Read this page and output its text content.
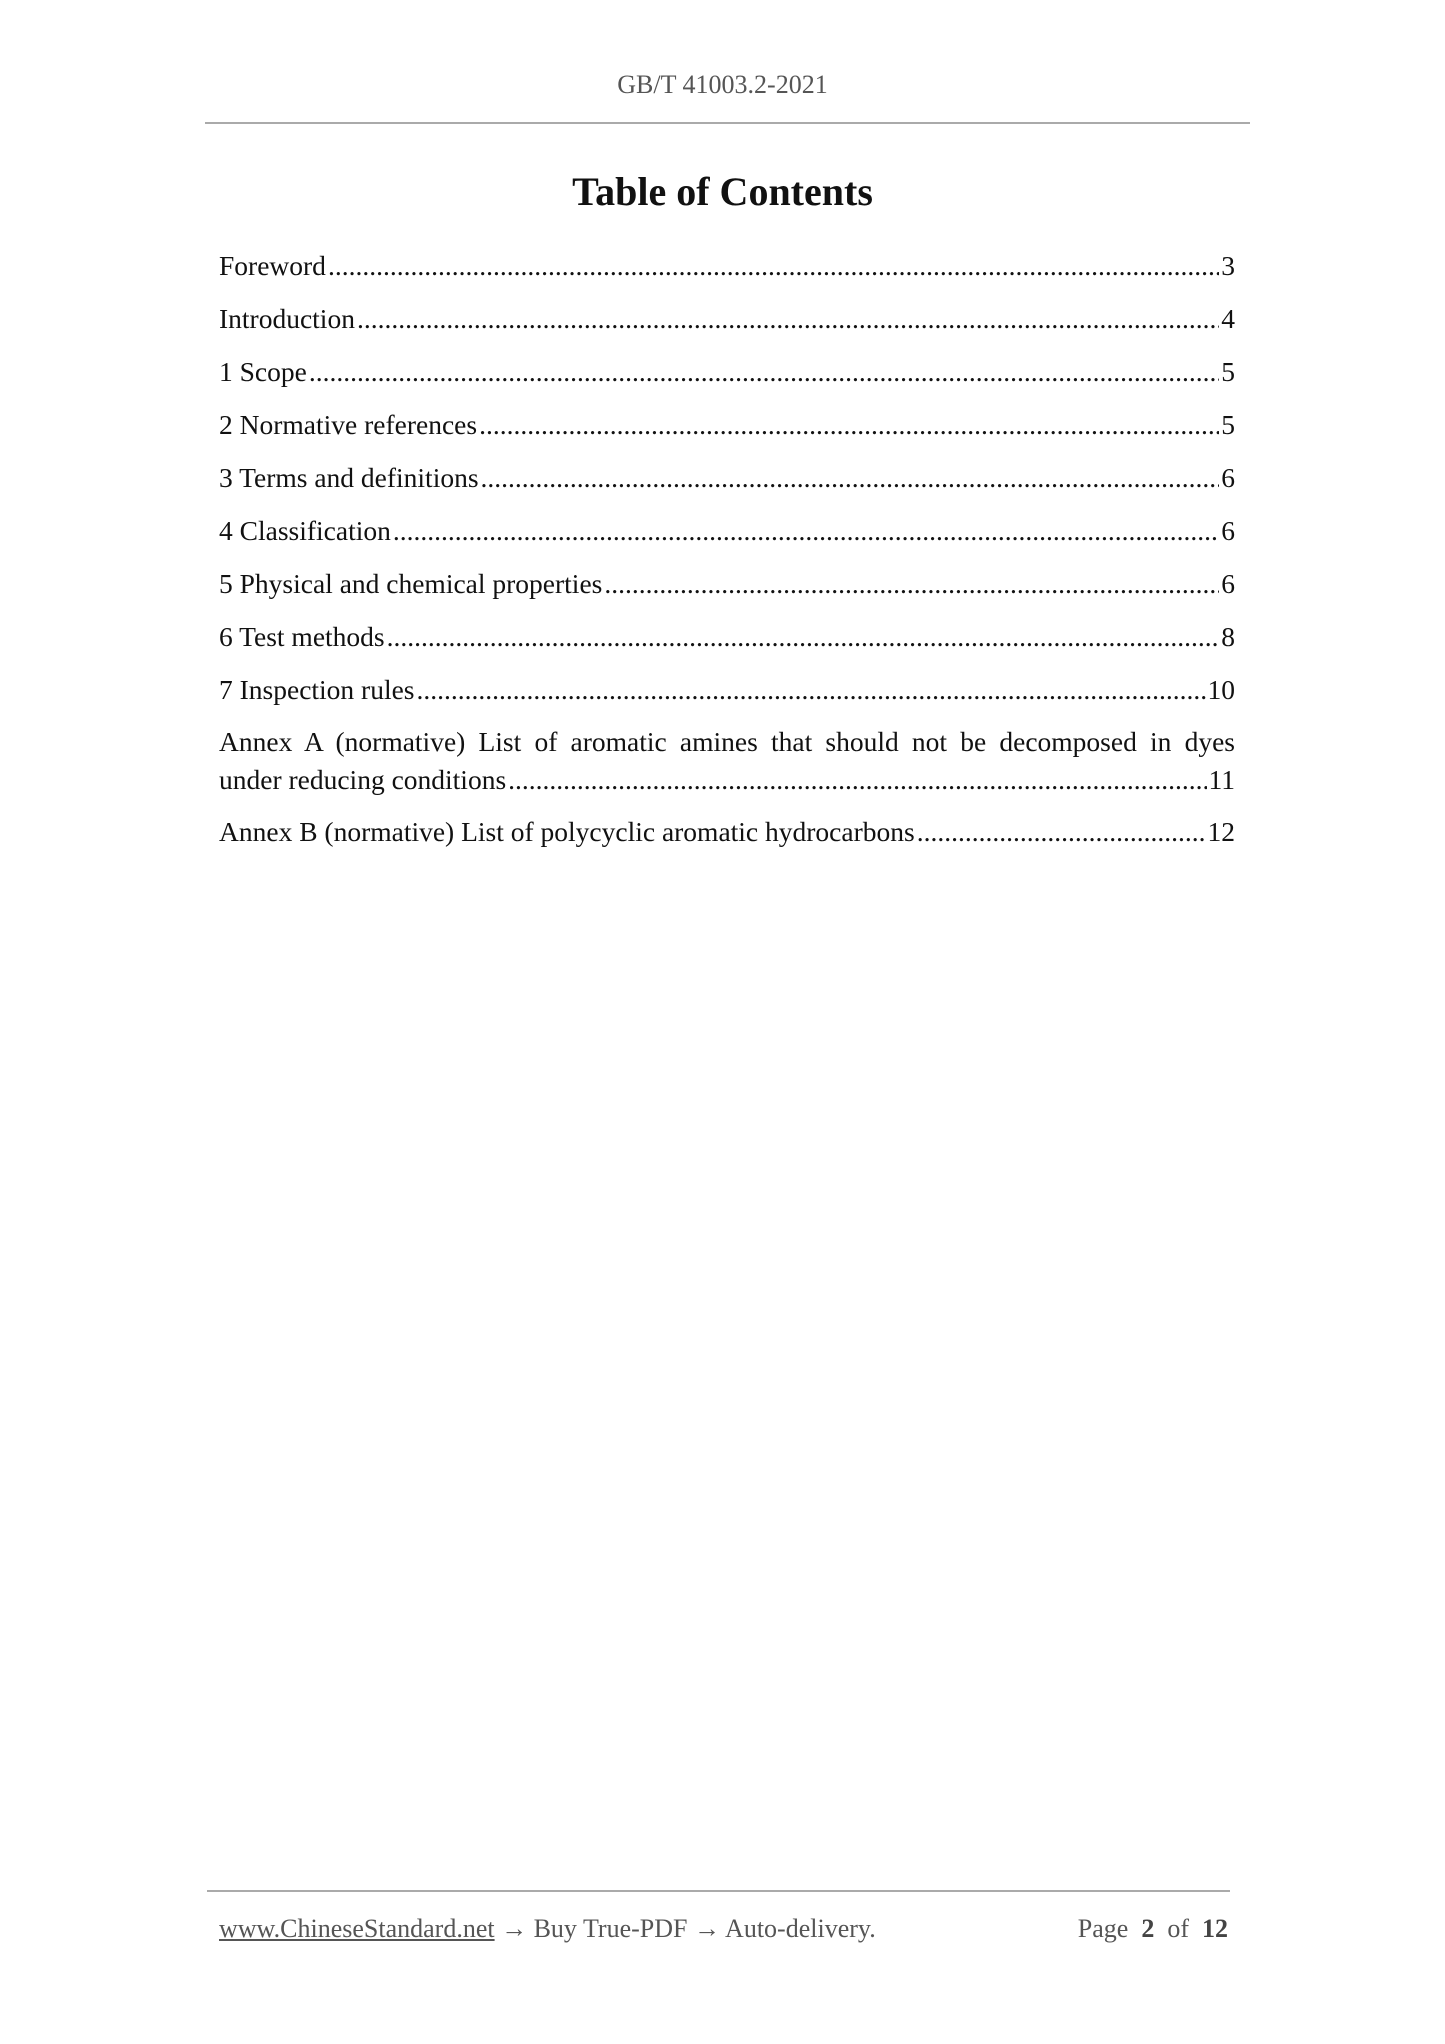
GB/T 41003.2-2021
Table of Contents
Foreword .....	3
Introduction .....	4
1 Scope .....	5
2 Normative references .....	5
3 Terms and definitions .....	6
4 Classification .....	6
5 Physical and chemical properties .....	6
6 Test methods .....	8
7 Inspection rules .....	10
Annex A (normative) List of aromatic amines that should not be decomposed in dyes
under reducing conditions .....	11
Annex B (normative) List of polycyclic aromatic hydrocarbons .....	12
www.ChineseStandard.net → Buy True-PDF → Auto-delivery.	Page 2 of 12
